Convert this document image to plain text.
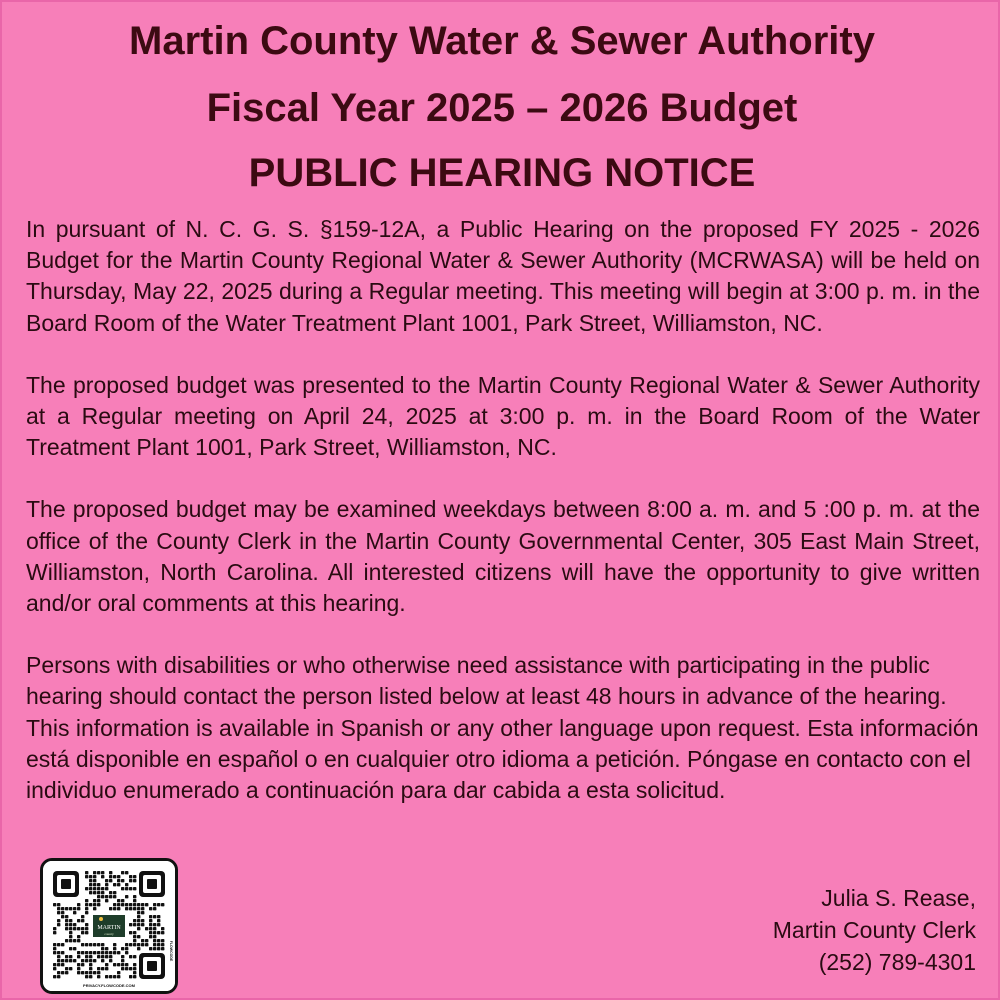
Martin County Water & Sewer Authority
Fiscal Year 2025 – 2026 Budget
PUBLIC HEARING NOTICE

In pursuant of N. C. G. S. §159-12A, a Public Hearing on the proposed FY 2025 - 2026 Budget for the Martin County Regional Water & Sewer Authority (MCRWASA) will be held on Thursday, May 22, 2025 during a Regular meeting. This meeting will begin at 3:00 p. m. in the Board Room of the Water Treatment Plant 1001, Park Street, Williamston, NC.

The proposed budget was presented to the Martin County Regional Water & Sewer Authority at a Regular meeting on April 24, 2025 at 3:00 p. m. in the Board Room of the Water Treatment Plant 1001, Park Street, Williamston, NC.

The proposed budget may be examined weekdays between 8:00 a. m. and 5 :00 p. m. at the office of the County Clerk in the Martin County Governmental Center, 305 East Main Street, Williamston, North Carolina. All interested citizens will have the opportunity to give written and/or oral comments at this hearing.

Persons with disabilities or who otherwise need assistance with participating in the public hearing should contact the person listed below at least 48 hours in advance of the hearing. This information is available in Spanish or any other language upon request. Esta información está disponible en español o en cualquier otro idioma a petición. Póngase en contacto con el individuo enumerado a continuación para dar cabida a esta solicitud.

MARTIN
county
PRIVACY.FLOWCODE.COM
FLOWCODE
Julia S. Rease,
Martin County Clerk
(252) 789-4301
